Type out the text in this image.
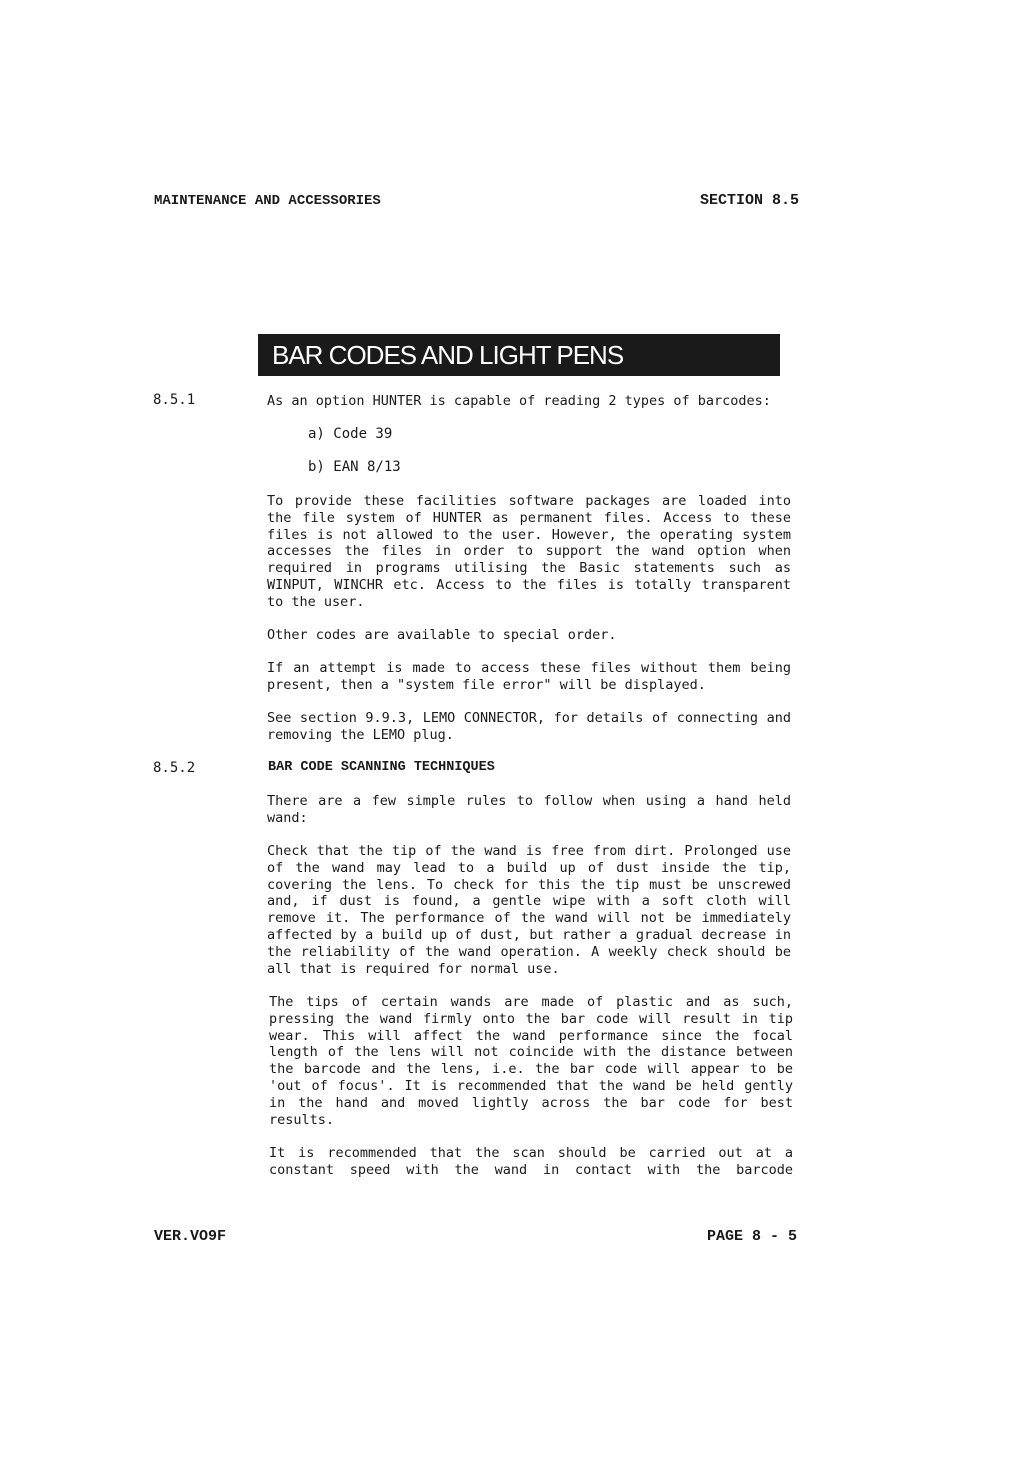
MAINTENANCE AND ACCESSORIES	SECTION 8.5
BAR CODES AND LIGHT PENS
8.5.1	As an option HUNTER is capable of reading 2 types of barcodes:
a) Code 39
b) EAN 8/13
To provide these facilities software packages are loaded into
the file system of HUNTER as permanent files. Access to these
files is not allowed to the user. However, the operating system
accesses the files in order to support the wand option when
required in programs utilising the Basic statements such as
WINPUT, WINCHR etc. Access to the files is totally transparent
to the user.
Other codes are available to special order.
If an attempt is made to access these files without them being
present, then a "system file error" will be displayed.
See section 9.9.3, LEMO CONNECTOR, for details of connecting and
removing the LEMO plug.
8.5.2	BAR CODE SCANNING TECHNIQUES
There are a few simple rules to follow when using a hand held
wand:
Check that the tip of the wand is free from dirt. Prolonged use
of the wand may lead to a build up of dust inside the tip,
covering the lens. To check for this the tip must be unscrewed
and, if dust is found, a gentle wipe with a soft cloth will
remove it. The performance of the wand will not be immediately
affected by a build up of dust, but rather a gradual decrease in
the reliability of the wand operation. A weekly check should be
all that is required for normal use.
The tips of certain wands are made of plastic and as such,
pressing the wand firmly onto the bar code will result in tip
wear. This will affect the wand performance since the focal
length of the lens will not coincide with the distance between
the barcode and the lens, i.e. the bar code will appear to be
'out of focus'. It is recommended that the wand be held gently
in the hand and moved lightly across the bar code for best
results.
It is recommended that the scan should be carried out at a
constant speed with the wand in contact with the barcode
VER.VO9F	PAGE 8 - 5
